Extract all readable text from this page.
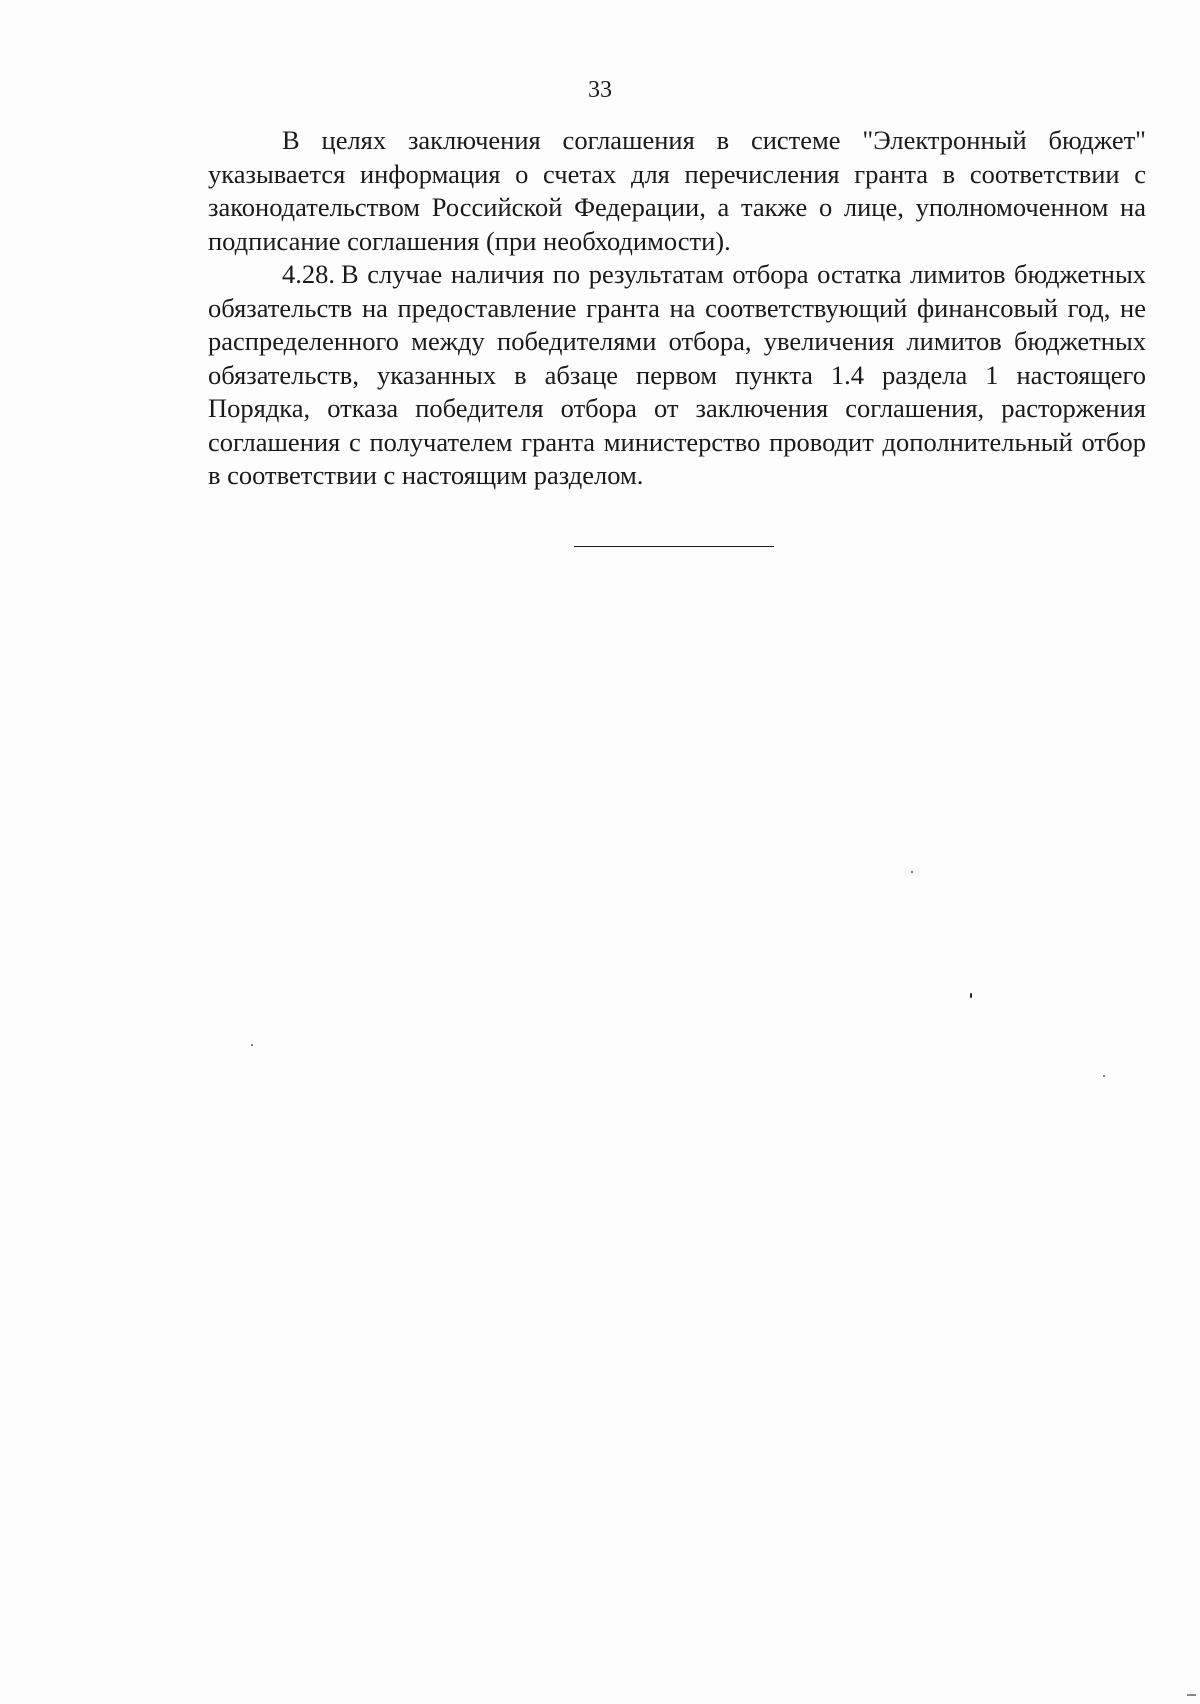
33

В целях заключения соглашения в системе "Электронный бюджет" указывается информация о счетах для перечисления гранта в соответствии с законодательством Российской Федерации, а также о лице, уполномоченном на подписание соглашения (при необходимости).

4.28. В случае наличия по результатам отбора остатка лимитов бюджетных обязательств на предоставление гранта на соответствующий финансовый год, не распределенного между победителями отбора, увеличения лимитов бюджетных обязательств, указанных в абзаце первом пункта 1.4 раздела 1 настоящего Порядка, отказа победителя отбора от заключения соглашения, расторжения соглашения с получателем гранта министерство проводит дополнительный отбор в соответствии с настоящим разделом.
